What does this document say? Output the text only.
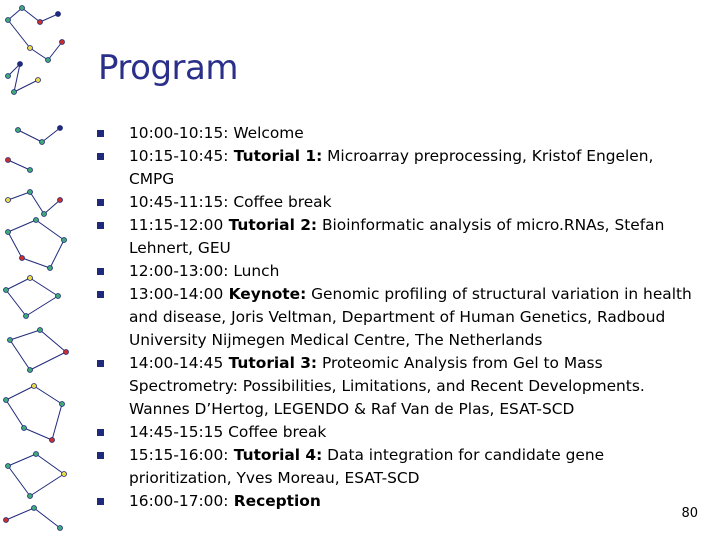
Program
10:00-10:15: Welcome
10:15-10:45: Tutorial 1: Microarray preprocessing, Kristof Engelen, CMPG
10:45-11:15: Coffee break
11:15-12:00 Tutorial 2: Bioinformatic analysis of micro.RNAs, Stefan Lehnert, GEU
12:00-13:00: Lunch
13:00-14:00 Keynote: Genomic profiling of structural variation in health and disease, Joris Veltman, Department of Human Genetics, Radboud University Nijmegen Medical Centre, The Netherlands
14:00-14:45 Tutorial 3: Proteomic Analysis from Gel to Mass Spectrometry: Possibilities, Limitations, and Recent Developments. Wannes D’Hertog, LEGENDO & Raf Van de Plas, ESAT-SCD
14:45-15:15 Coffee break
15:15-16:00: Tutorial 4: Data integration for candidate gene prioritization, Yves Moreau, ESAT-SCD
16:00-17:00: Reception
80
